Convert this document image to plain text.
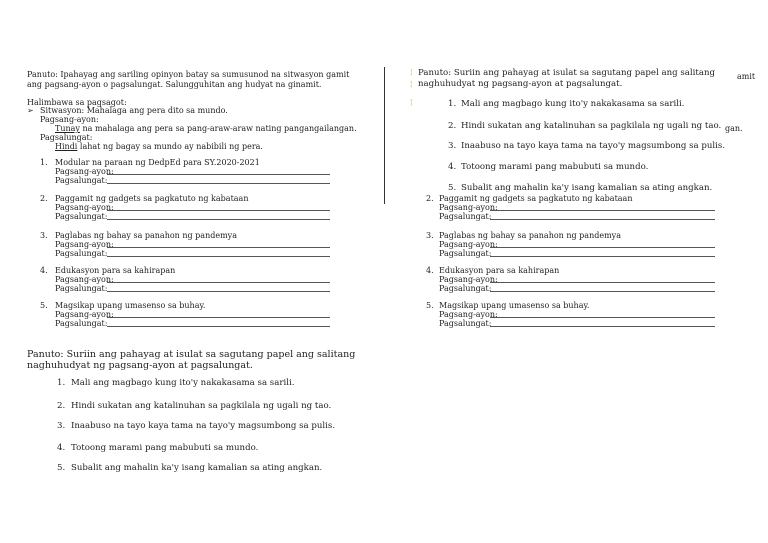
Panuto: Ipahayag ang sariling opinyon batay sa sumusunod na sitwasyon gamit
ang pagsang-ayon o pagsalungat. Salungguhitan ang hudyat na ginamit.
Halimbawa sa pagsagot:
➢ Sitwasyon: Mahalaga ang pera dito sa mundo.
Pagsang-ayon:
Tunay na mahalaga ang pera sa pang-araw-araw nating pangangailangan.
Pagsalungat:
Hindi lahat ng bagay sa mundo ay nabibili ng pera.
1. Modular na paraan ng DedpEd para SY.2020-2021
Pagsang-ayon:
Pagsalungat:
2. Paggamit ng gadgets sa pagkatuto ng kabataan
Pagsang-ayon:
Pagsalungat:
3. Paglabas ng bahay sa panahon ng pandemya
Pagsang-ayon:
Pagsalungat:
4. Edukasyon para sa kahirapan
Pagsang-ayon:
Pagsalungat:
5. Magsikap upang umasenso sa buhay.
Pagsang-ayon:
Pagsalungat:
Panuto: Suriin ang pahayag at isulat sa sagutang papel ang salitang
naghuhudyat ng pagsang-ayon at pagsalungat.
1. Mali ang magbago kung ito'y nakakasama sa sarili.
2. Hindi sukatan ang katalinuhan sa pagkilala ng ugali ng tao.
3. Inaabuso na tayo kaya tama na tayo'y magsumbong sa pulis.
4. Totoong marami pang mabubuti sa mundo.
5. Subalit ang mahalin ka'y isang kamalian sa ating angkan.
¦
¦
¦
Panuto: Suriin ang pahayag at isulat sa sagutang papel ang salitang
naghuhudyat ng pagsang-ayon at pagsalungat.
amit
1. Mali ang magbago kung ito'y nakakasama sa sarili.
2. Hindi sukatan ang katalinuhan sa pagkilala ng ugali ng tao. gan.
3. Inaabuso na tayo kaya tama na tayo'y magsumbong sa pulis.
4. Totoong marami pang mabubuti sa mundo.
5. Subalit ang mahalin ka'y isang kamalian sa ating angkan.
2. Paggamit ng gadgets sa pagkatuto ng kabataan
Pagsang-ayon:
Pagsalungat:
3. Paglabas ng bahay sa panahon ng pandemya
Pagsang-ayon:
Pagsalungat:
4. Edukasyon para sa kahirapan
Pagsang-ayon:
Pagsalungat:
5. Magsikap upang umasenso sa buhay.
Pagsang-ayon:
Pagsalungat:
